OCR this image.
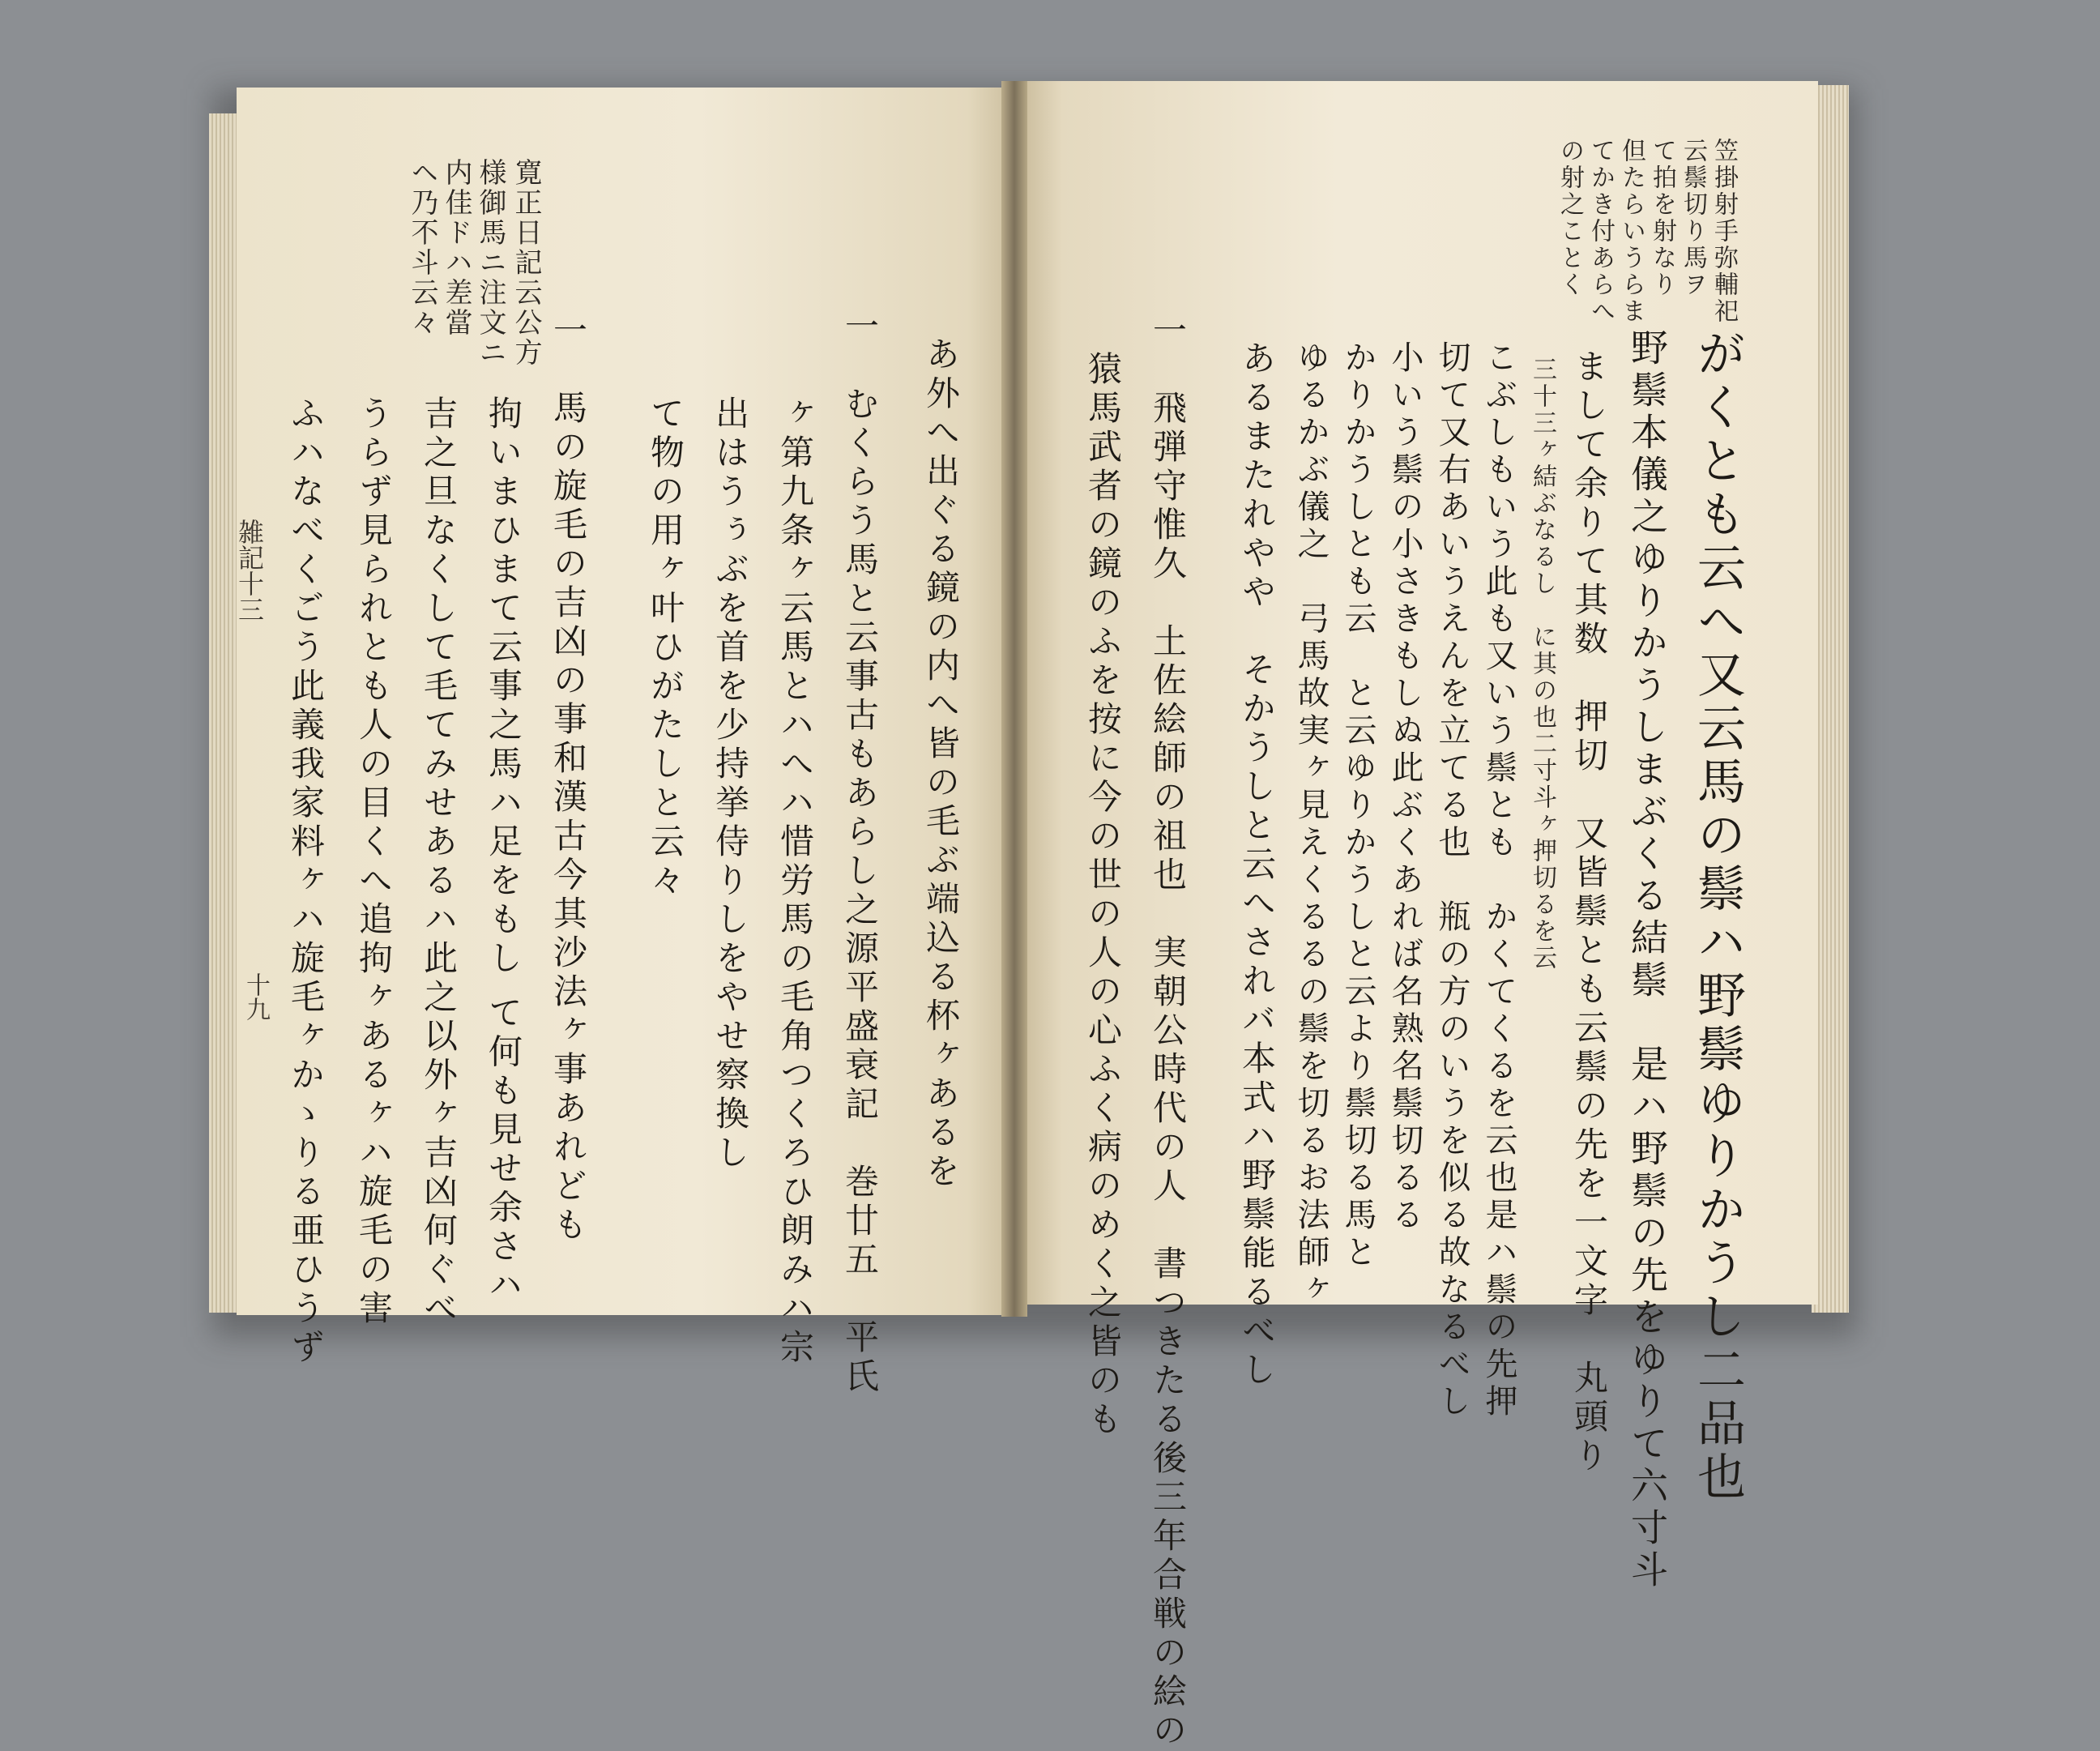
笠掛射手弥輔祀
云鬃切り馬ヲ
て拍を射なり
但たらいうらま
てかき付あらへ
の射之ことく
がくとも云へ又云馬の鬃ハ野鬃ゆりかうし二品也
野鬃本儀之ゆりかうしまぶくる結鬃　是ハ野鬃の先をゆりて六寸斗
まして余りて其数　押切　又皆鬃とも云鬃の先を一文字　丸頭り
三十三ヶ結ぶなるし　に其の也二寸斗ヶ押切るを云
こぶしもいう此も又いう鬃とも　かくてくるを云也是ハ鬃の先押
切て又右あいうえんを立てる也　瓶の方のいうを似る故なるべし
小いう鬃の小さきもしぬ此ぶくあれば名熟名鬃切るる
かりかうしとも云　と云ゆりかうしと云より鬃切る馬と
ゆるかぶ儀之　弓馬故実ヶ見えくるるの鬃を切るお法師ヶ
あるまたれやや　そかうしと云へされバ本式ハ野鬃能るべし
一　飛弾守惟久　土佐絵師の祖也　実朝公時代の人　書つきたる後三年合戦の絵の
　猿馬武者の鏡のふを按に今の世の人の心ふく病のめく之皆のも
寛正日記云公方
様御馬ニ注文ニ
内佳ドハ差當
ヘ乃不斗云々
あ外へ出ぐる鏡の内へ皆の毛ぶ端込る杯ヶあるを
一　むくらう馬と云事古もあらし之源平盛衰記　巻廿五　平氏
　ヶ第九条ヶ云馬とハへハ惜労馬の毛角つくろひ朗みハ宗
　出はうぅぶを首を少持挙侍りしをやせ察換し
　て物の用ヶ叶ひがたしと云々
一　馬の旋毛の吉凶の事和漢古今其沙法ヶ事あれども
　拘いまひまて云事之馬ハ足をもし て何も見せ余さハ
　吉之旦なくして毛てみせあるハ此之以外ヶ吉凶何ぐべ
　うらず見られとも人の目くへ追拘ヶあるヶハ旋毛の害
　ふハなべくごう此義我家料ヶハ旋毛ヶかゝりる亜ひうず
雑記十三
十九
